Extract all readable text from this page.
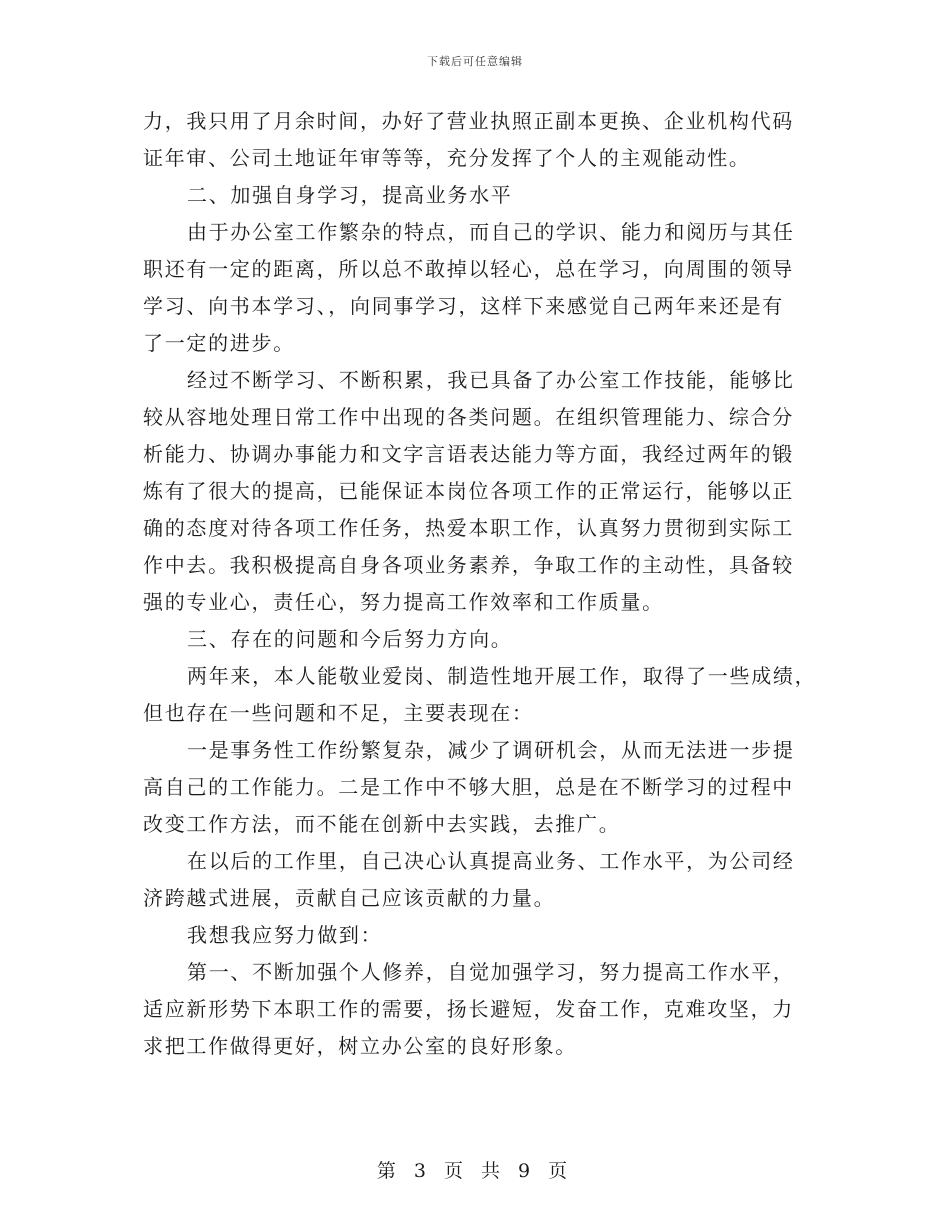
下载后可任意编辑
力，我只用了月余时间，办好了营业执照正副本更换、企业机构代码
证年审、公司土地证年审等等，充分发挥了个人的主观能动性。
二、加强自身学习，提高业务水平
由于办公室工作繁杂的特点，而自己的学识、能力和阅历与其任
职还有一定的距离，所以总不敢掉以轻心，总在学习，向周围的领导
学习、向书本学习、，向同事学习，这样下来感觉自己两年来还是有
了一定的进步。
经过不断学习、不断积累，我已具备了办公室工作技能，能够比
较从容地处理日常工作中出现的各类问题。在组织管理能力、综合分
析能力、协调办事能力和文字言语表达能力等方面，我经过两年的锻
炼有了很大的提高，已能保证本岗位各项工作的正常运行，能够以正
确的态度对待各项工作任务，热爱本职工作，认真努力贯彻到实际工
作中去。我积极提高自身各项业务素养，争取工作的主动性，具备较
强的专业心，责任心，努力提高工作效率和工作质量。
三、存在的问题和今后努力方向。
两年来，本人能敬业爱岗、制造性地开展工作，取得了一些成绩，
但也存在一些问题和不足，主要表现在：
一是事务性工作纷繁复杂，减少了调研机会，从而无法进一步提
高自己的工作能力。二是工作中不够大胆，总是在不断学习的过程中
改变工作方法，而不能在创新中去实践，去推广。
在以后的工作里，自己决心认真提高业务、工作水平，为公司经
济跨越式进展，贡献自己应该贡献的力量。
我想我应努力做到：
第一、不断加强个人修养，自觉加强学习，努力提高工作水平，
适应新形势下本职工作的需要，扬长避短，发奋工作，克难攻坚，力
求把工作做得更好，树立办公室的良好形象。
第 3 页 共 9 页
